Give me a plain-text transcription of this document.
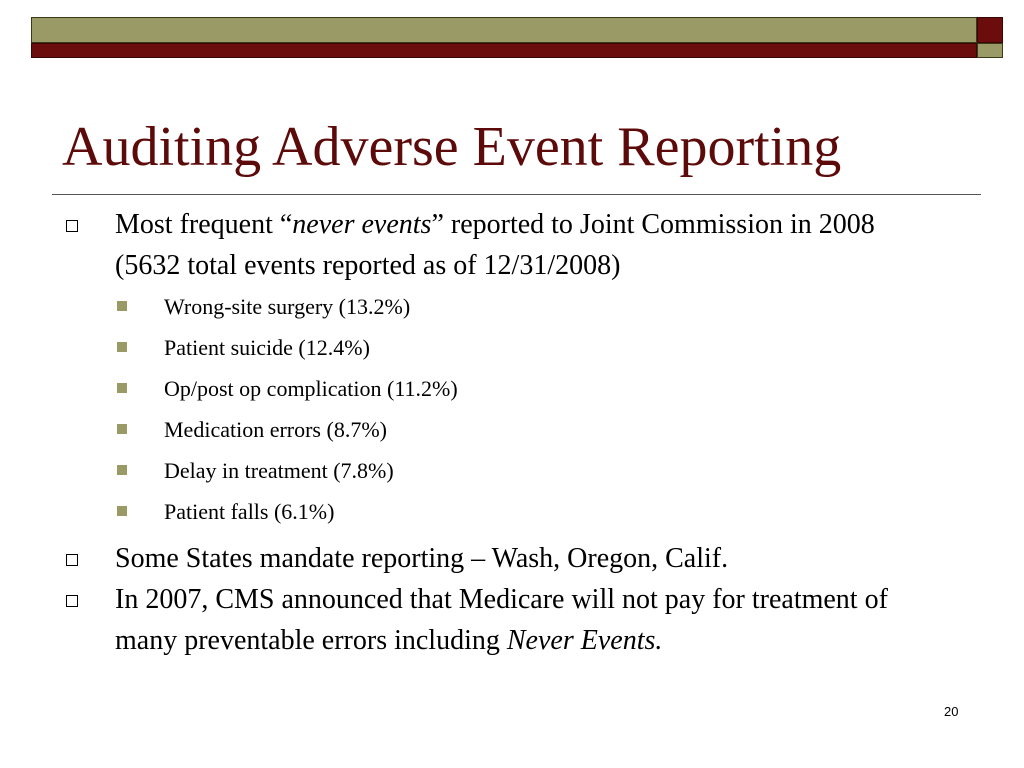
Auditing Adverse Event Reporting

Most frequent “never events” reported to Joint Commission in 2008 (5632 total events reported as of 12/31/2008)

Wrong-site surgery (13.2%)

Patient suicide (12.4%)

Op/post op complication (11.2%)

Medication errors (8.7%)

Delay in treatment (7.8%)

Patient falls (6.1%)

Some States mandate reporting – Wash, Oregon, Calif.

In 2007, CMS announced that Medicare will not pay for treatment of many preventable errors including Never Events.

20
